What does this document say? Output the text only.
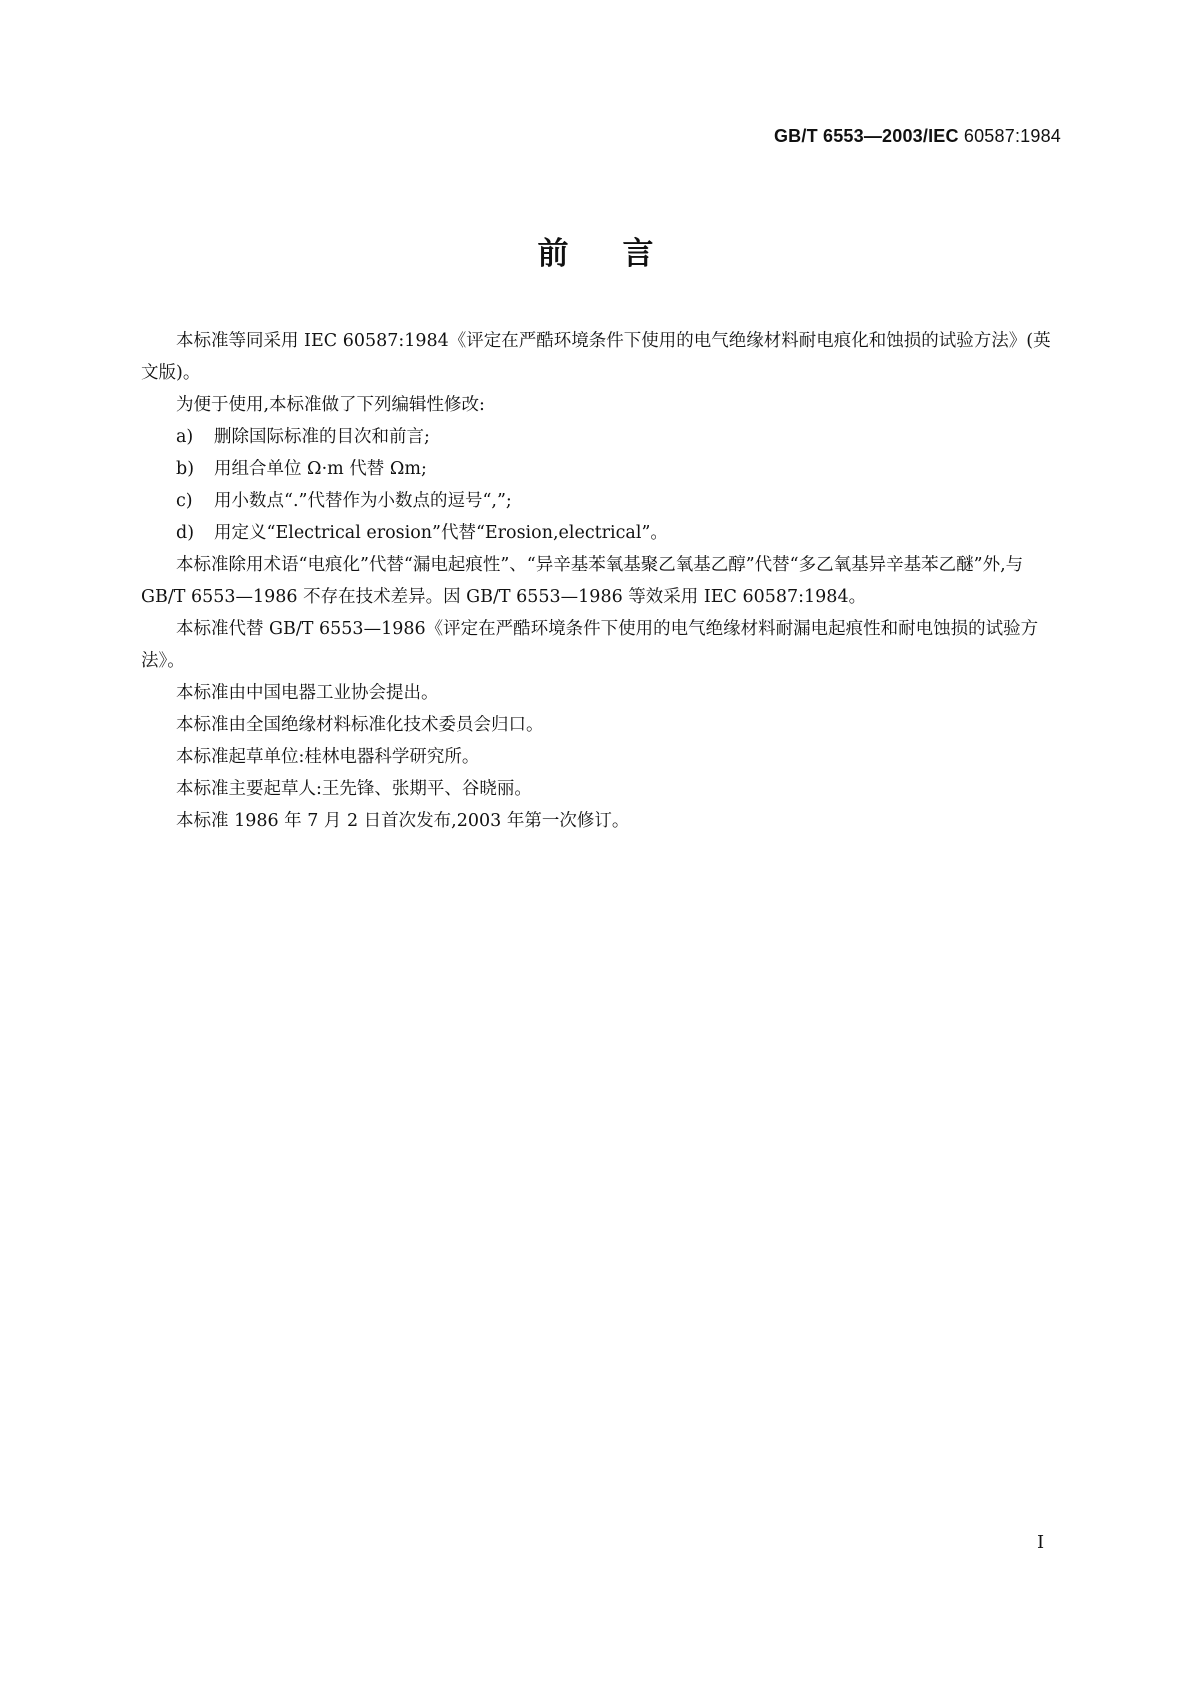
GB/T 6553—2003/IEC 60587:1984
前言

本标准等同采用 IEC 60587:1984《评定在严酷环境条件下使用的电气绝缘材料耐电痕化和蚀损的试验方法》(英文版)。

为便于使用,本标准做了下列编辑性修改:

a) 删除国际标准的目次和前言;

b) 用组合单位 Ω·m 代替 Ωm;

c) 用小数点“.”代替作为小数点的逗号“,”;

d) 用定义“Electrical erosion”代替“Erosion,electrical”。

本标准除用术语“电痕化”代替“漏电起痕性”、“异辛基苯氧基聚乙氧基乙醇”代替“多乙氧基异辛基苯乙醚”外,与 GB/T 6553—1986 不存在技术差异。因 GB/T 6553—1986 等效采用 IEC 60587:1984。

本标准代替 GB/T 6553—1986《评定在严酷环境条件下使用的电气绝缘材料耐漏电起痕性和耐电蚀损的试验方法》。

本标准由中国电器工业协会提出。

本标准由全国绝缘材料标准化技术委员会归口。

本标准起草单位:桂林电器科学研究所。

本标准主要起草人:王先锋、张期平、谷晓丽。

本标准 1986 年 7 月 2 日首次发布,2003 年第一次修订。

I
